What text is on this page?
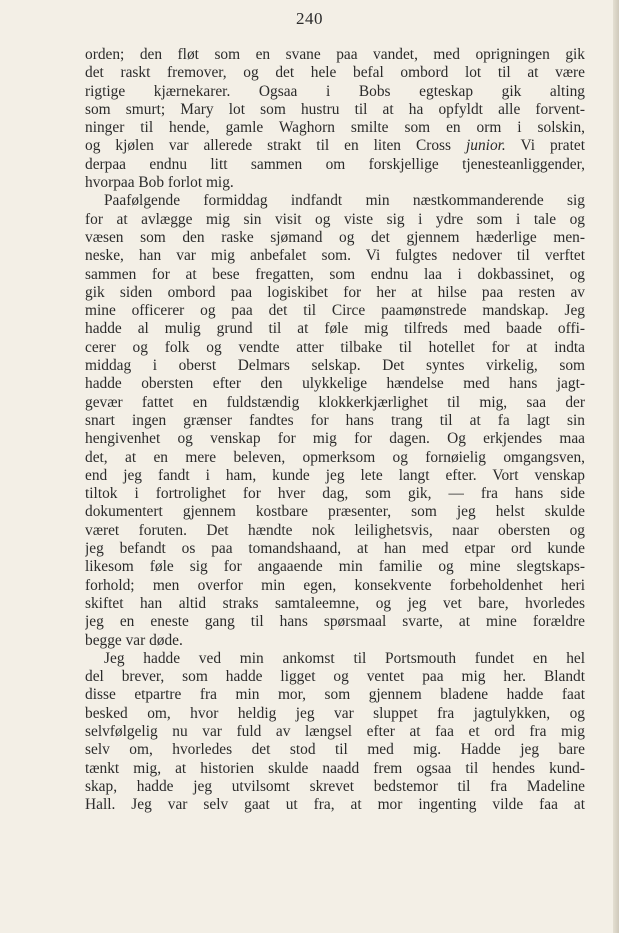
240
orden; den fløt som en svane paa vandet, med oprigningen gik
det raskt fremover, og det hele befal ombord lot til at være
rigtige kjærnekarer. Ogsaa i Bobs egteskap gik alting
som smurt; Mary lot som hustru til at ha opfyldt alle forvent-
ninger til hende, gamle Waghorn smilte som en orm i solskin,
og kjølen var allerede strakt til en liten Cross junior. Vi pratet
derpaa endnu litt sammen om forskjellige tjenesteanliggender,
hvorpaa Bob forlot mig.
Paafølgende formiddag indfandt min næstkommanderende sig
for at avlægge mig sin visit og viste sig i ydre som i tale og
væsen som den raske sjømand og det gjennem hæderlige men-
neske, han var mig anbefalet som. Vi fulgtes nedover til verftet
sammen for at bese fregatten, som endnu laa i dokbassinet, og
gik siden ombord paa logiskibet for her at hilse paa resten av
mine officerer og paa det til Circe paamønstrede mandskap. Jeg
hadde al mulig grund til at føle mig tilfreds med baade offi-
cerer og folk og vendte atter tilbake til hotellet for at indta
middag i oberst Delmars selskap. Det syntes virkelig, som
hadde obersten efter den ulykkelige hændelse med hans jagt-
gevær fattet en fuldstændig klokkerkjærlighet til mig, saa der
snart ingen grænser fandtes for hans trang til at fa lagt sin
hengivenhet og venskap for mig for dagen. Og erkjendes maa
det, at en mere beleven, opmerksom og fornøielig omgangsven,
end jeg fandt i ham, kunde jeg lete langt efter. Vort venskap
tiltok i fortrolighet for hver dag, som gik, — fra hans side
dokumentert gjennem kostbare præsenter, som jeg helst skulde
været foruten. Det hændte nok leilighetsvis, naar obersten og
jeg befandt os paa tomandshaand, at han med etpar ord kunde
likesom føle sig for angaaende min familie og mine slegtskaps-
forhold; men overfor min egen, konsekvente forbeholdenhet heri
skiftet han altid straks samtaleemne, og jeg vet bare, hvorledes
jeg en eneste gang til hans spørsmaal svarte, at mine forældre
begge var døde.
Jeg hadde ved min ankomst til Portsmouth fundet en hel
del brever, som hadde ligget og ventet paa mig her. Blandt
disse etpartre fra min mor, som gjennem bladene hadde faat
besked om, hvor heldig jeg var sluppet fra jagtulykken, og
selvfølgelig nu var fuld av længsel efter at faa et ord fra mig
selv om, hvorledes det stod til med mig. Hadde jeg bare
tænkt mig, at historien skulde naadd frem ogsaa til hendes kund-
skap, hadde jeg utvilsomt skrevet bedstemor til fra Madeline
Hall. Jeg var selv gaat ut fra, at mor ingenting vilde faa at
